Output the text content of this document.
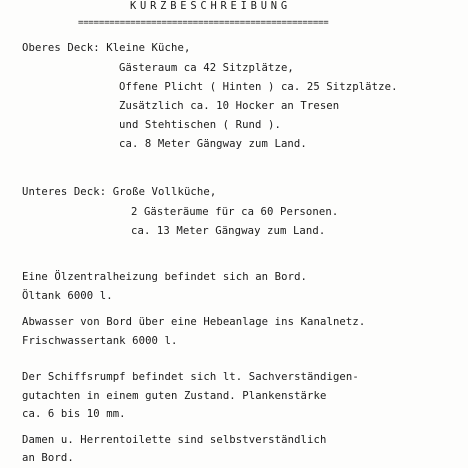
KURZBESCHREIBUNG

================================================

Oberes Deck: Kleine Küche,

Gästeraum ca 42 Sitzplätze,

Offene Plicht ( Hinten ) ca. 25 Sitzplätze.

Zusätzlich ca. 10 Hocker an Tresen

und Stehtischen ( Rund ).

ca. 8 Meter Gängway zum Land.

Unteres Deck: Große Vollküche,

2 Gästeräume für ca 60 Personen.

ca. 13 Meter Gängway zum Land.

Eine Ölzentralheizung befindet sich an Bord.

Öltank 6000 l.

Abwasser von Bord über eine Hebeanlage ins Kanalnetz.

Frischwassertank 6000 l.

Der Schiffsrumpf befindet sich lt. Sachverständigen-

gutachten in einem guten Zustand. Plankenstärke

ca. 6 bis 10 mm.

Damen u. Herrentoilette sind selbstverständlich

an Bord.
